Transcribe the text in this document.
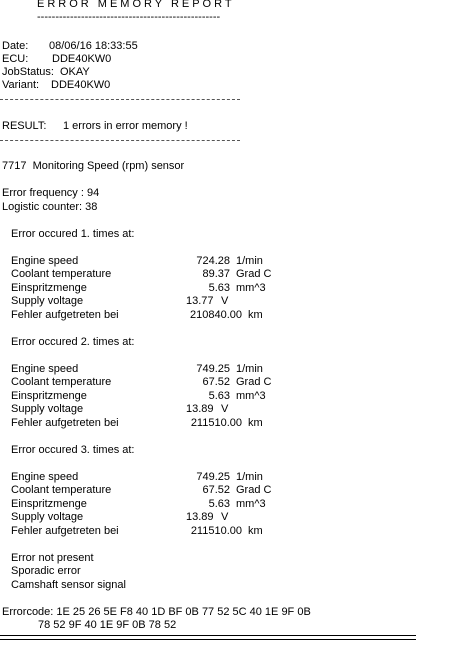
ERROR MEMORY REPORT
--------------------------------------------------
Date: 08/06/16 18:33:55
ECU: DDE40KW0
JobStatus: OKAY
Variant: DDE40KW0
RESULT: 1 errors in error memory !
7717  Monitoring Speed (rpm) sensor
Error frequency : 94
Logistic counter: 38
Error occured 1. times at:
Engine speed	724.28 1/min
Coolant temperature	89.37 Grad C
Einspritzmenge	5.63 mm^3
Supply voltage	13.77 V
Fehler aufgetreten bei	210840.00 km
Error occured 2. times at:
Engine speed	749.25 1/min
Coolant temperature	67.52 Grad C
Einspritzmenge	5.63 mm^3
Supply voltage	13.89 V
Fehler aufgetreten bei	211510.00 km
Error occured 3. times at:
Engine speed	749.25 1/min
Coolant temperature	67.52 Grad C
Einspritzmenge	5.63 mm^3
Supply voltage	13.89 V
Fehler aufgetreten bei	211510.00 km
Error not present
Sporadic error
Camshaft sensor signal
Errorcode: 1E 25 26 5E F8 40 1D BF 0B 77 52 5C 40 1E 9F 0B
78 52 9F 40 1E 9F 0B 78 52
